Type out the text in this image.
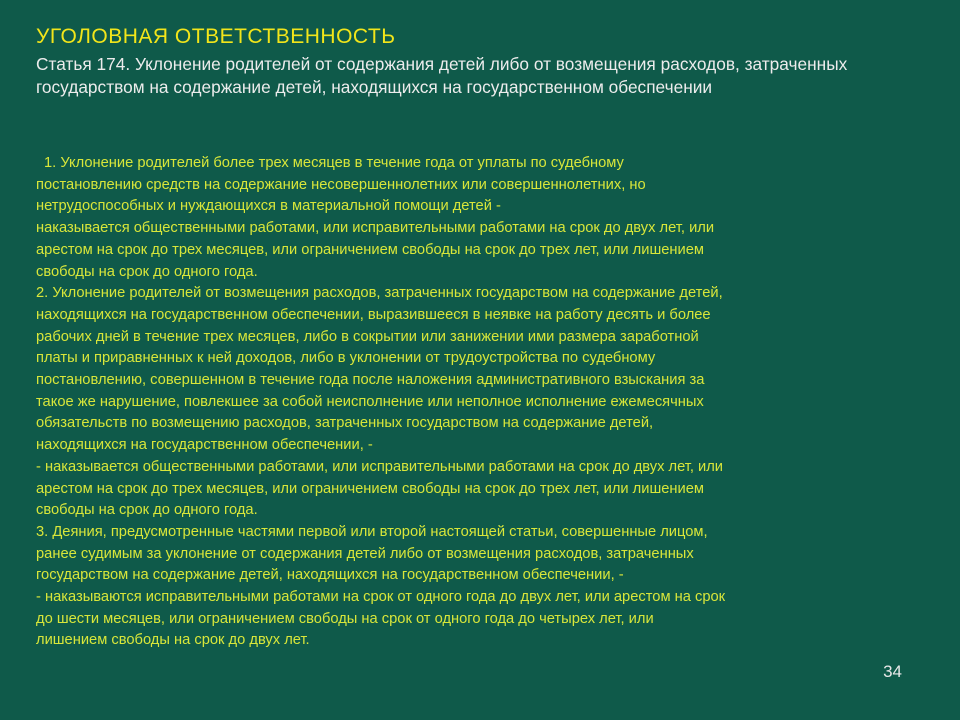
УГОЛОВНАЯ ОТВЕТСТВЕННОСТЬ

Статья 174. Уклонение родителей от содержания детей либо от возмещения расходов, затраченных государством на содержание детей, находящихся на государственном обеспечении

1. Уклонение родителей более трех месяцев в течение года от уплаты по судебному
постановлению средств на содержание несовершеннолетних или совершеннолетних, но
нетрудоспособных и нуждающихся в материальной помощи детей -
наказывается общественными работами, или исправительными работами на срок до двух лет, или
арестом на срок до трех месяцев, или ограничением свободы на срок до трех лет, или лишением
свободы на срок до одного года.
2. Уклонение родителей от возмещения расходов, затраченных государством на содержание детей,
находящихся на государственном обеспечении, выразившееся в неявке на работу десять и более
рабочих дней в течение трех месяцев, либо в сокрытии или занижении ими размера заработной
платы и приравненных к ней доходов, либо в уклонении от трудоустройства по судебному
постановлению, совершенном в течение года после наложения административного взыскания за
такое же нарушение, повлекшее за собой неисполнение или неполное исполнение ежемесячных
обязательств по возмещению расходов, затраченных государством на содержание детей,
находящихся на государственном обеспечении, -
- наказывается общественными работами, или исправительными работами на срок до двух лет, или
арестом на срок до трех месяцев, или ограничением свободы на срок до трех лет, или лишением
свободы на срок до одного года.
3. Деяния, предусмотренные частями первой или второй настоящей статьи, совершенные лицом,
ранее судимым за уклонение от содержания детей либо от возмещения расходов, затраченных
государством на содержание детей, находящихся на государственном обеспечении, -
- наказываются исправительными работами на срок от одного года до двух лет, или арестом на срок
до шести месяцев, или ограничением свободы на срок от одного года до четырех лет, или
лишением свободы на срок до двух лет.
34
